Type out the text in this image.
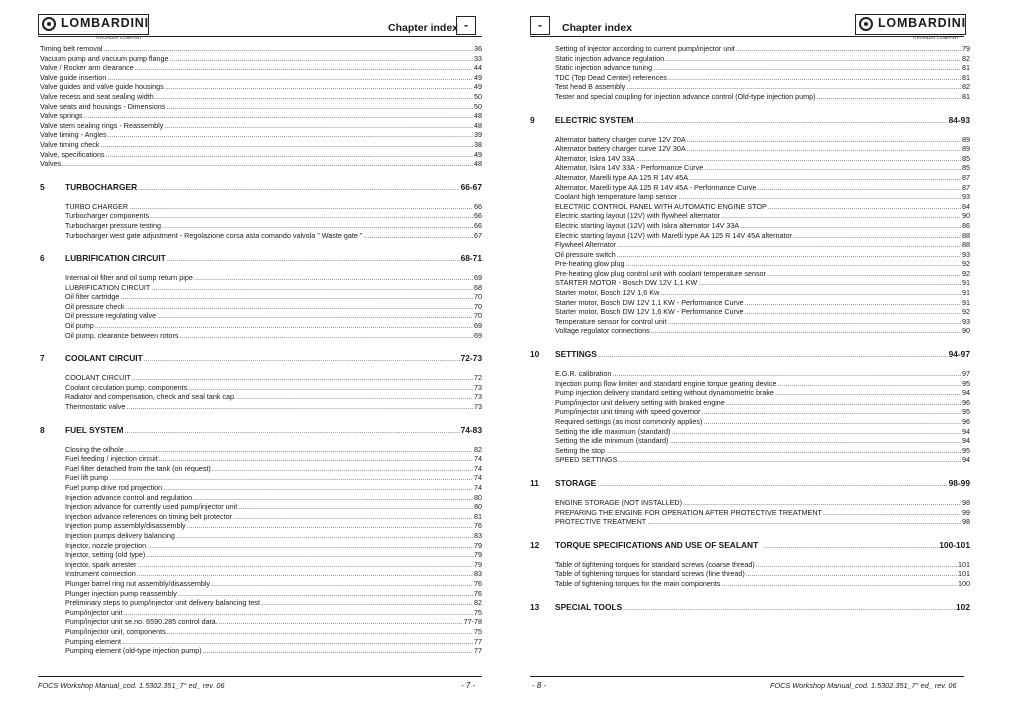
LOMBARDINI
A KOHLER COMPANY
Chapter index -
Timing belt removal .....	36
Vacuum pump and vacuum pump flange .....	33
Valve / Rocker arm clearance .....	44
Valve guide insertion .....	49
Valve guides and valve guide housings .....	49
Valve recess and seat sealing width .....	50
Valve seats and housings - Dimensions .....	50
Valve springs .....	48
Valve stem sealing rings - Reassembly .....	48
Valve timing - Angles .....	39
Valve timing check .....	38
Valve, specifications .....	49
Valves .....	48
5	TURBOCHARGER .....	66-67
TURBO CHARGER .....	66
Turbocharger components .....	66
Turbocharger pressure testing .....	66
Turbocharger west gate adjustment - Regolazione corsa asta comando valvola " Waste gate " .....	67
6	LUBRIFICATION CIRCUIT .....	68-71
Internal oil filter and oil sump return pipe .....	69
LUBRIFICATION CIRCUIT .....	68
Oil filter cartridge .....	70
Oil pressure check .....	70
Oil pressure regulating valve .....	70
Oil pump .....	69
Oil pump, clearance between rotors .....	69
7	COOLANT CIRCUIT .....	72-73
COOLANT CIRCUIT .....	72
Coolant circulation pump, components .....	73
Radiator and compensation, check and seal tank cap. .....	73
Thermostatic valve .....	73
8	FUEL SYSTEM .....	74-83
Closing the oilhole .....	82
Fuel feeding / injection circuit .....	74
Fuel filter detached from the tank (on request) .....	74
Fuel lift pump .....	74
Fuel pump drive rod projection .....	74
Injection advance control and regulation .....	80
Injection advance for currently used pump/injector unit .....	80
Injection advance references on timing belt protector .....	81
Injection pump assembly/disassembly .....	76
Injection pumps delivery balancing .....	83
Injector, nozzle projection .....	79
Injector, setting (old type) .....	79
Injector, spark arrester .....	79
Instrument connection .....	83
Plunger barrel ring nut assembly/disassembly .....	76
Plunger injection pump reassembly .....	76
Preliminary steps to pump/injector unit delivery balancing test .....	82
Pump/injector unit .....	75
Pump/injector unit se.no. 6590.285 control data. .....	77-78
Pump/injector unit, components .....	75
Pumping element .....	77
Pumping element (old-type injection pump) .....	77
FOCS Workshop Manual_cod. 1.5302.351_7° ed_ rev. 06	- 7 -
-	Chapter index	LOMBARDINI
A KOHLER COMPANY
Setting of injector according to current pump/injector unit .....	79
Static injection advance regulation .....	82
Static injection advance tuning .....	81
TDC (Top Dead Center) references .....	81
Test head B assembly .....	82
Tester and special coupling for injection advance control (Old-type injection pump) .....	81
9	ELECTRIC SYSTEM .....	84-93
Alternator battery charger curve 12V 20A .....	89
Alternator battery charger curve 12V 30A .....	89
Alternator, Iskra 14V 33A .....	85
Alternator, Iskra 14V 33A - Performance Curve .....	85
Alternator, Marelli type AA 125 R 14V 45A .....	87
Alternator, Marelli type AA 125 R 14V 45A - Performance Curve .....	87
Coolant high temperature lamp sensor .....	93
ELECTRIC CONTROL PANEL WITH AUTOMATIC ENGINE STOP .....	84
Electric starting layout (12V) with flywheel alternator .....	90
Electric starting layout (12V) with Iskra alternator 14V 33A .....	86
Electric starting layout (12V) with Marelli type AA 125 R 14V 45A alternator .....	88
Flywheel Alternator .....	88
Oil pressure switch .....	93
Pre-heating glow plug .....	92
Pre-heating glow plug control unit with coolant temperature sensor .....	92
STARTER MOTOR - Bosch DW 12V 1,1 KW .....	91
Starter motor, Bosch 12V 1,6 Kw .....	91
Starter motor, Bosch DW 12V 1,1 KW - Performance Curve .....	91
Starter motor, Bosch DW 12V 1,6 KW - Performance Curve .....	92
Temperature sensor for control unit .....	93
Voltage regulator connections .....	90
10	SETTINGS .....	94-97
E.G.R. calibration .....	97
Injection pump flow limiter and standard engine torque gearing device .....	95
Pump injection delivery standard setting without dynamometric brake .....	94
Pump/injector unit delivery setting with braked engine .....	96
Pump/injector unit timing with speed governor .....	95
Required settings (as most commonly applies) .....	96
Setting the idle maximum (standard) .....	94
Setting the idle minimum (standard) .....	94
Setting the stop .....	95
SPEED SETTINGS .....	94
11	STORAGE .....	98-99
ENGINE STORAGE (NOT INSTALLED) .....	98
PREPARING THE ENGINE FOR OPERATION AFTER PROTECTIVE TREATMENT .....	99
PROTECTIVE TREATMENT .....	98
12	TORQUE SPECIFICATIONS AND USE OF SEALANT .....	100-101
Table of tightening torques for standard screws (coarse thread) .....	101
Table of tightening torques for standard screws (fine thread) .....	101
Table of tightening torques for the main components .....	100
13	SPECIAL TOOLS .....	102
- 8 -	FOCS Workshop Manual_cod. 1.5302.351_7° ed_ rev. 06
